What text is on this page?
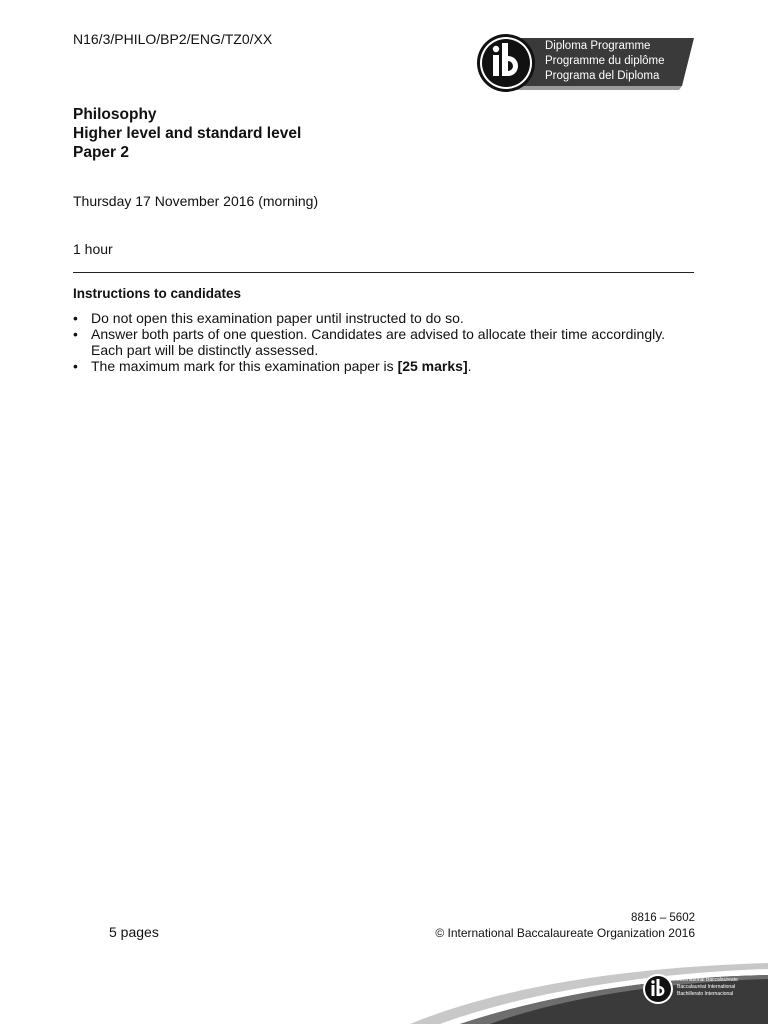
N16/3/PHILO/BP2/ENG/TZ0/XX	Diploma Programme
Programme du diplôme
Programa del Diploma
Philosophy
Higher level and standard level
Paper 2
Thursday 17 November 2016 (morning)
1 hour
Instructions to candidates
• Do not open this examination paper until instructed to do so.
• Answer both parts of one question. Candidates are advised to allocate their time accordingly.
Each part will be distinctly assessed.
• The maximum mark for this examination paper is [25 marks].
5 pages
8816 – 5602
© International Baccalaureate Organization 2016
International Baccalaureate
Baccalauréat International
Bachillerato Internacional
